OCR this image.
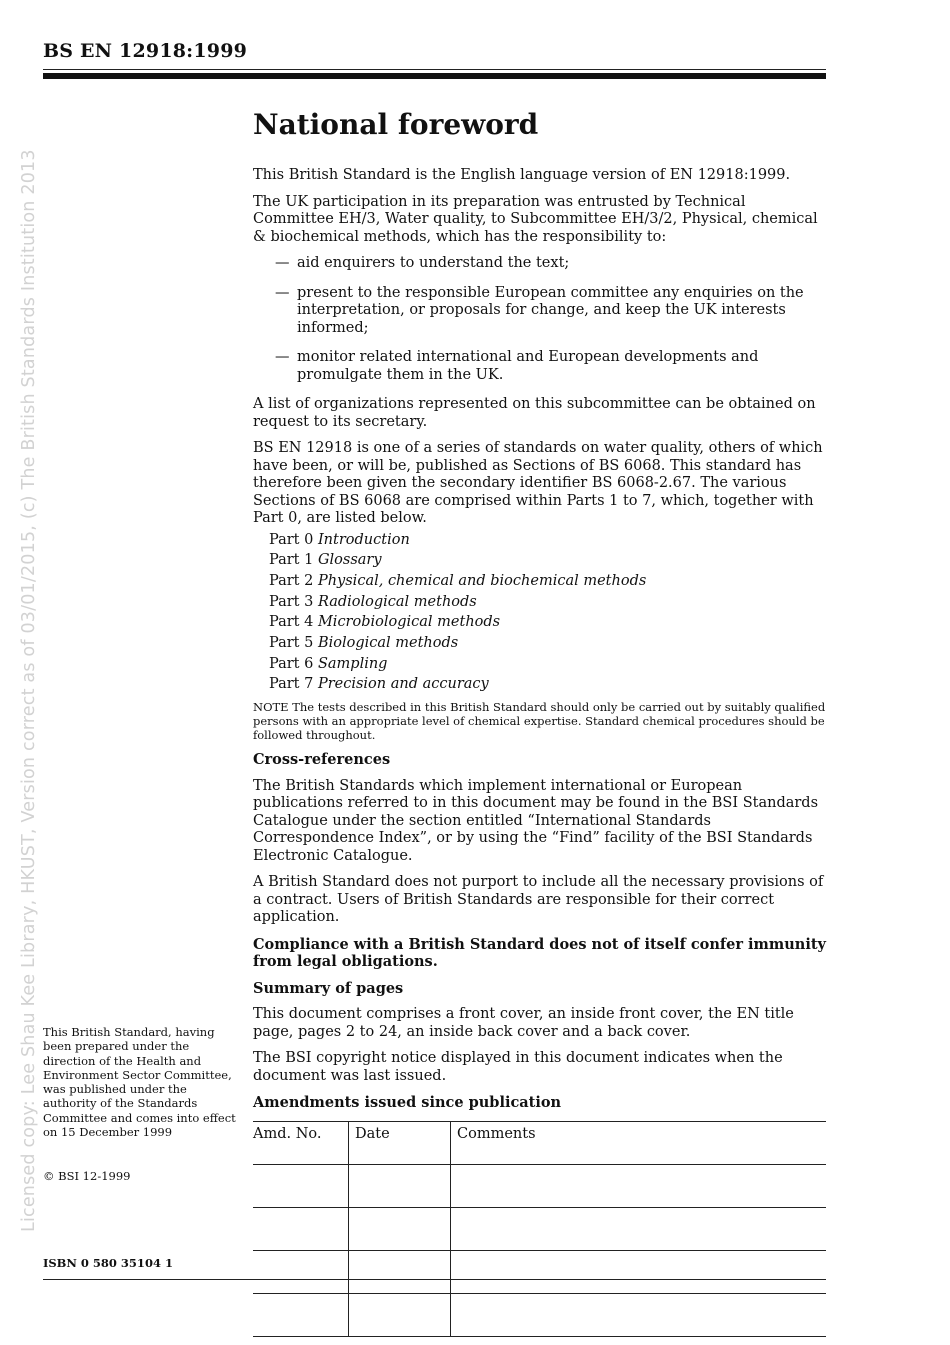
BS EN 12918:1999
Licensed copy: Lee Shau Kee Library, HKUST, Version correct as of 03/01/2015, (c) The British Standards Institution 2013
National foreword

This British Standard is the English language version of EN 12918:1999.

The UK participation in its preparation was entrusted by Technical Committee EH/3, Water quality, to Subcommittee EH/3/2, Physical, chemical & biochemical methods, which has the responsibility to:

— aid enquirers to understand the text;
— present to the responsible European committee any enquiries on the interpretation, or proposals for change, and keep the UK interests informed;
— monitor related international and European developments and promulgate them in the UK.

A list of organizations represented on this subcommittee can be obtained on request to its secretary.

BS EN 12918 is one of a series of standards on water quality, others of which have been, or will be, published as Sections of BS 6068. This standard has therefore been given the secondary identifier BS 6068-2.67. The various Sections of BS 6068 are comprised within Parts 1 to 7, which, together with Part 0, are listed below.

Part 0 Introduction
Part 1 Glossary
Part 2 Physical, chemical and biochemical methods
Part 3 Radiological methods
Part 4 Microbiological methods
Part 5 Biological methods
Part 6 Sampling
Part 7 Precision and accuracy

NOTE The tests described in this British Standard should only be carried out by suitably qualified persons with an appropriate level of chemical expertise. Standard chemical procedures should be followed throughout.

Cross-references

The British Standards which implement international or European publications referred to in this document may be found in the BSI Standards Catalogue under the section entitled “International Standards Correspondence Index”, or by using the “Find” facility of the BSI Standards Electronic Catalogue.

A British Standard does not purport to include all the necessary provisions of a contract. Users of British Standards are responsible for their correct application.

Compliance with a British Standard does not of itself confer immunity from legal obligations.

Summary of pages

This document comprises a front cover, an inside front cover, the EN title page, pages 2 to 24, an inside back cover and a back cover.

The BSI copyright notice displayed in this document indicates when the document was last issued.

Amendments issued since publication

Amd. No.	Date	Comments

This British Standard, having been prepared under the direction of the Health and Environment Sector Committee, was published under the authority of the Standards Committee and comes into effect on 15 December 1999
© BSI 12-1999
ISBN 0 580 35104 1
